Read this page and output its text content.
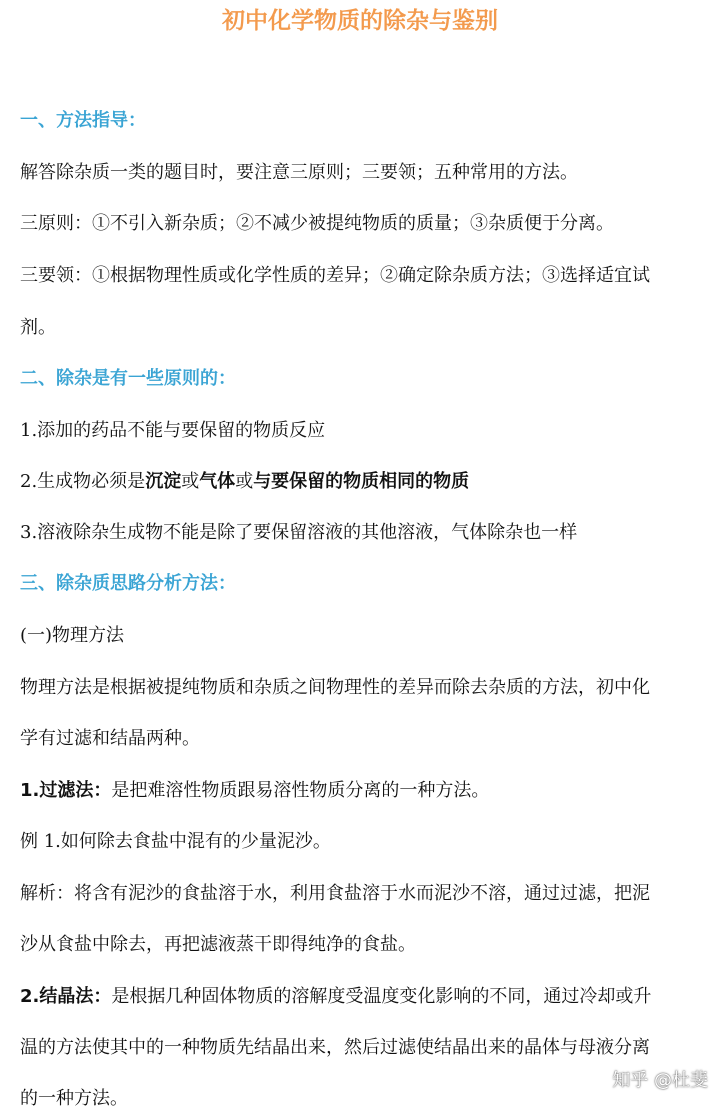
初中化学物质的除杂与鉴别
一、方法指导：
解答除杂质一类的题目时，要注意三原则；三要领；五种常用的方法。
三原则：①不引入新杂质；②不减少被提纯物质的质量；③杂质便于分离。
三要领：①根据物理性质或化学性质的差异；②确定除杂质方法；③选择适宜试
剂。
二、除杂是有一些原则的：
1.添加的药品不能与要保留的物质反应
2.生成物必须是沉淀或气体或与要保留的物质相同的物质
3.溶液除杂生成物不能是除了要保留溶液的其他溶液，气体除杂也一样
三、除杂质思路分析方法：
(一)物理方法
物理方法是根据被提纯物质和杂质之间物理性的差异而除去杂质的方法，初中化
学有过滤和结晶两种。
1.过滤法：是把难溶性物质跟易溶性物质分离的一种方法。
例 1.如何除去食盐中混有的少量泥沙。
解析：将含有泥沙的食盐溶于水，利用食盐溶于水而泥沙不溶，通过过滤，把泥
沙从食盐中除去，再把滤液蒸干即得纯净的食盐。
2.结晶法：是根据几种固体物质的溶解度受温度变化影响的不同，通过冷却或升
温的方法使其中的一种物质先结晶出来，然后过滤使结晶出来的晶体与母液分离
的一种方法。
知乎 @杜斐
